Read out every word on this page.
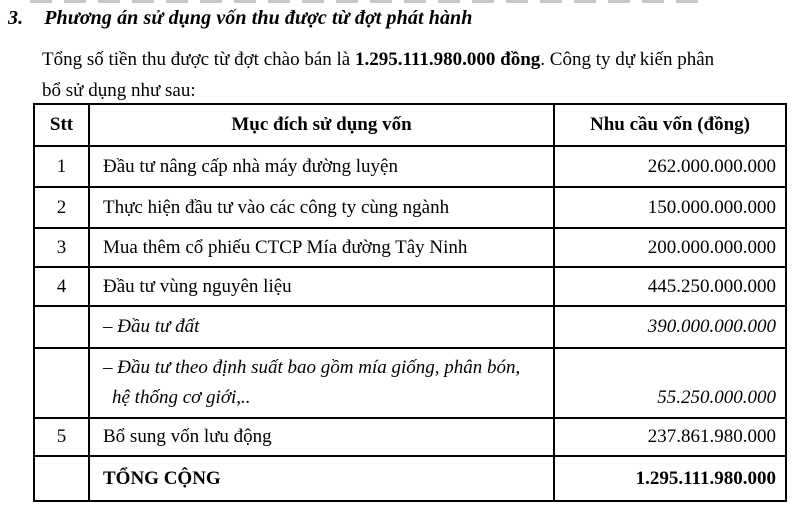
3. Phương án sử dụng vốn thu được từ đợt phát hành

Tổng số tiền thu được từ đợt chào bán là 1.295.111.980.000 đồng. Công ty dự kiến phân
bổ sử dụng như sau:

Stt	Mục đích sử dụng vốn	Nhu cầu vốn (đồng)
1	Đầu tư nâng cấp nhà máy đường luyện	262.000.000.000
2	Thực hiện đầu tư vào các công ty cùng ngành	150.000.000.000
3	Mua thêm cổ phiếu CTCP Mía đường Tây Ninh	200.000.000.000
4	Đầu tư vùng nguyên liệu	445.250.000.000
	– Đầu tư đất	390.000.000.000

	– Đầu tư theo định suất bao gồm mía giống, phân bón,
hệ thống cơ giới,..	55.250.000.000
5	Bổ sung vốn lưu động	237.861.980.000
	TỔNG CỘNG	1.295.111.980.000
